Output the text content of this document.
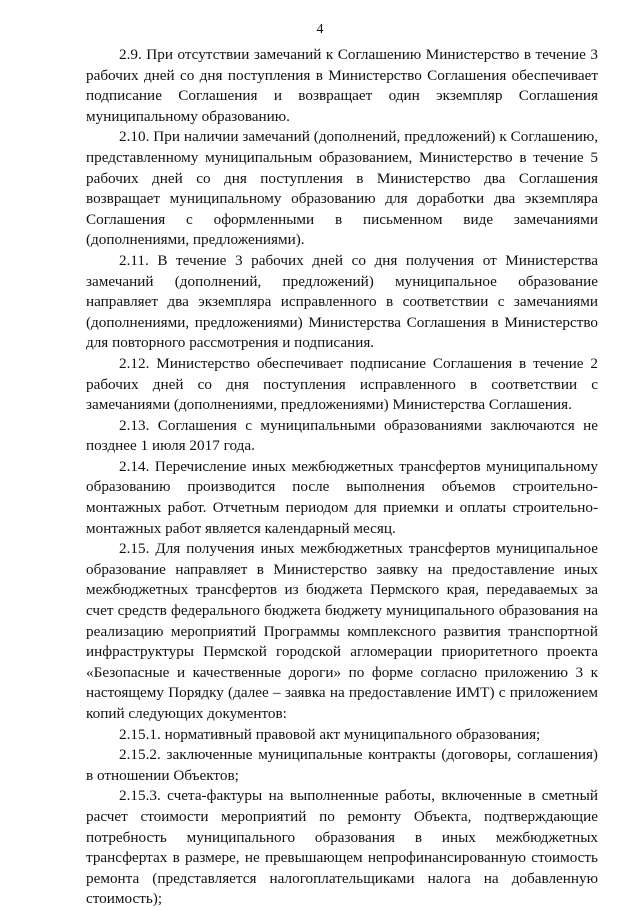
4

2.9. При отсутствии замечаний к Соглашению Министерство в течение 3 рабочих дней со дня поступления в Министерство Соглашения обеспечивает подписание Соглашения и возвращает один экземпляр Соглашения муниципальному образованию.

2.10. При наличии замечаний (дополнений, предложений) к Соглашению, представленному муниципальным образованием, Министерство в течение 5 рабочих дней со дня поступления в Министерство два Соглашения возвращает муниципальному образованию для доработки два экземпляра Соглашения с оформленными в письменном виде замечаниями (дополнениями, предложениями).

2.11. В течение 3 рабочих дней со дня получения от Министерства замечаний (дополнений, предложений) муниципальное образование направляет два экземпляра исправленного в соответствии с замечаниями (дополнениями, предложениями) Министерства Соглашения в Министерство для повторного рассмотрения и подписания.

2.12. Министерство обеспечивает подписание Соглашения в течение 2 рабочих дней со дня поступления исправленного в соответствии с замечаниями (дополнениями, предложениями) Министерства Соглашения.

2.13. Соглашения с муниципальными образованиями заключаются не позднее 1 июля 2017 года.

2.14. Перечисление иных межбюджетных трансфертов муниципальному образованию производится после выполнения объемов строительно-монтажных работ. Отчетным периодом для приемки и оплаты строительно-монтажных работ является календарный месяц.

2.15. Для получения иных межбюджетных трансфертов муниципальное образование направляет в Министерство заявку на предоставление иных межбюджетных трансфертов из бюджета Пермского края, передаваемых за счет средств федерального бюджета бюджету муниципального образования на реализацию мероприятий Программы комплексного развития транспортной инфраструктуры Пермской городской агломерации приоритетного проекта «Безопасные и качественные дороги» по форме согласно приложению 3 к настоящему Порядку (далее – заявка на предоставление ИМТ) с приложением копий следующих документов:

2.15.1. нормативный правовой акт муниципального образования;

2.15.2. заключенные муниципальные контракты (договоры, соглашения) в отношении Объектов;

2.15.3. счета-фактуры на выполненные работы, включенные в сметный расчет стоимости мероприятий по ремонту Объекта, подтверждающие потребность муниципального образования в иных межбюджетных трансфертах в размере, не превышающем непрофинансированную стоимость ремонта (представляется налогоплательщиками налога на добавленную стоимость);
